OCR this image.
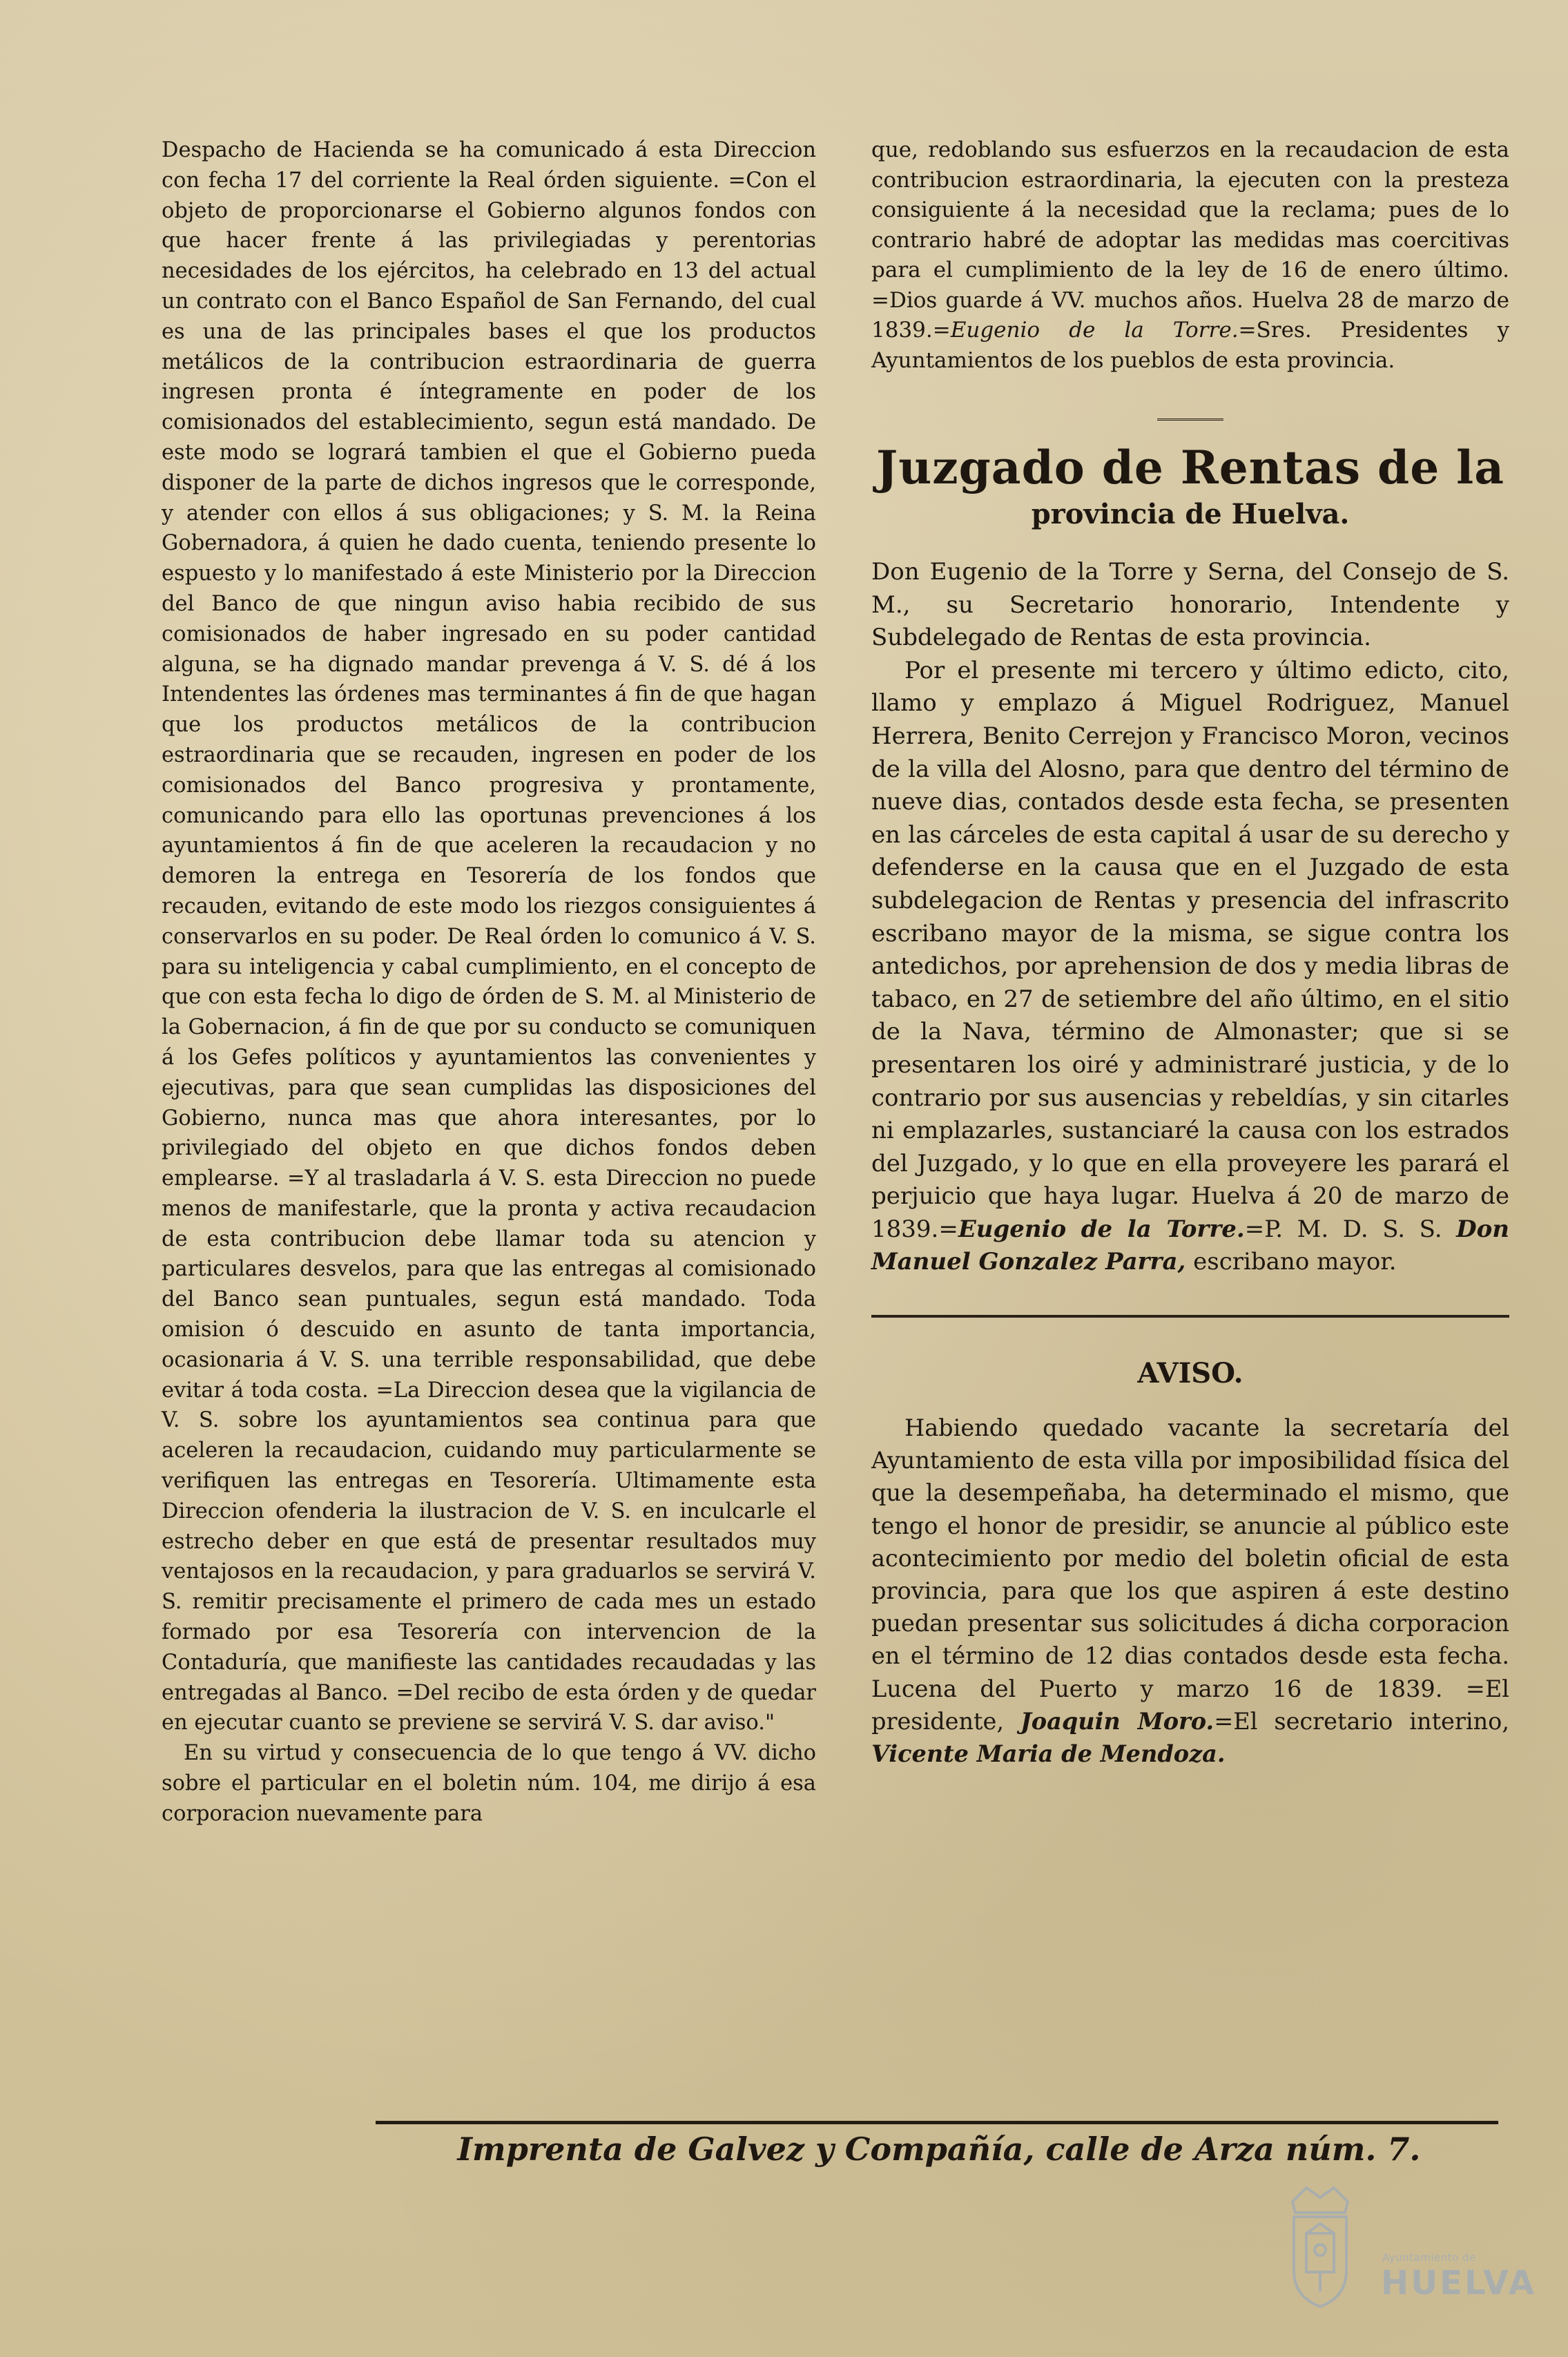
Despacho de Hacienda se ha comunicado á esta Direccion con fecha 17 del corriente la Real órden siguiente. =Con el objeto de proporcionarse el Gobierno algunos fondos con que hacer frente á las privilegiadas y perentorias necesidades de los ejércitos, ha celebrado en 13 del actual un contrato con el Banco Español de San Fernando, del cual es una de las principales bases el que los productos metálicos de la contribucion estraordinaria de guerra ingresen pronta é íntegramente en poder de los comisionados del establecimiento, segun está mandado. De este modo se logrará tambien el que el Gobierno pueda disponer de la parte de dichos ingresos que le corresponde, y atender con ellos á sus obligaciones; y S. M. la Reina Gobernadora, á quien he dado cuenta, teniendo presente lo espuesto y lo manifestado á este Ministerio por la Direccion del Banco de que ningun aviso habia recibido de sus comisionados de haber ingresado en su poder cantidad alguna, se ha dignado mandar prevenga á V. S. dé á los Intendentes las órdenes mas terminantes á fin de que hagan que los productos metálicos de la contribucion estraordinaria que se recauden, ingresen en poder de los comisionados del Banco progresiva y prontamente, comunicando para ello las oportunas prevenciones á los ayuntamientos á fin de que aceleren la recaudacion y no demoren la entrega en Tesorería de los fondos que recauden, evitando de este modo los riezgos consiguientes á conservarlos en su poder. De Real órden lo comunico á V. S. para su inteligencia y cabal cumplimiento, en el concepto de que con esta fecha lo digo de órden de S. M. al Ministerio de la Gobernacion, á fin de que por su conducto se comuniquen á los Gefes políticos y ayuntamientos las convenientes y ejecutivas, para que sean cumplidas las disposiciones del Gobierno, nunca mas que ahora interesantes, por lo privilegiado del objeto en que dichos fondos deben emplearse. =Y al trasladarla á V. S. esta Direccion no puede menos de manifestarle, que la pronta y activa recaudacion de esta contribucion debe llamar toda su atencion y particulares desvelos, para que las entregas al comisionado del Banco sean puntuales, segun está mandado. Toda omision ó descuido en asunto de tanta importancia, ocasionaria á V. S. una terrible responsabilidad, que debe evitar á toda costa. =La Direccion desea que la vigilancia de V. S. sobre los ayuntamientos sea continua para que aceleren la recaudacion, cuidando muy particularmente se verifiquen las entregas en Tesorería. Ultimamente esta Direccion ofenderia la ilustracion de V. S. en inculcarle el estrecho deber en que está de presentar resultados muy ventajosos en la recaudacion, y para graduarlos se servirá V. S. remitir precisamente el primero de cada mes un estado formado por esa Tesorería con intervencion de la Contaduría, que manifieste las cantidades recaudadas y las entregadas al Banco. =Del recibo de esta órden y de quedar en ejecutar cuanto se previene se servirá V. S. dar aviso."

En su virtud y consecuencia de lo que tengo á VV. dicho sobre el particular en el boletin núm. 104, me dirijo á esa corporacion nuevamente para

que, redoblando sus esfuerzos en la recaudacion de esta contribucion estraordinaria, la ejecuten con la presteza consiguiente á la necesidad que la reclama; pues de lo contrario habré de adoptar las medidas mas coercitivas para el cumplimiento de la ley de 16 de enero último. =Dios guarde á VV. muchos años. Huelva 28 de marzo de 1839.=Eugenio de la Torre.=Sres. Presidentes y Ayuntamientos de los pueblos de esta provincia.

Juzgado de Rentas de la
provincia de Huelva.

Don Eugenio de la Torre y Serna, del Consejo de S. M., su Secretario honorario, Intendente y Subdelegado de Rentas de esta provincia.

Por el presente mi tercero y último edicto, cito, llamo y emplazo á Miguel Rodriguez, Manuel Herrera, Benito Cerrejon y Francisco Moron, vecinos de la villa del Alosno, para que dentro del término de nueve dias, contados desde esta fecha, se presenten en las cárceles de esta capital á usar de su derecho y defenderse en la causa que en el Juzgado de esta subdelegacion de Rentas y presencia del infrascrito escribano mayor de la misma, se sigue contra los antedichos, por aprehension de dos y media libras de tabaco, en 27 de setiembre del año último, en el sitio de la Nava, término de Almonaster; que si se presentaren los oiré y administraré justicia, y de lo contrario por sus ausencias y rebeldías, y sin citarles ni emplazarles, sustanciaré la causa con los estrados del Juzgado, y lo que en ella proveyere les parará el perjuicio que haya lugar. Huelva á 20 de marzo de 1839.=Eugenio de la Torre.=P. M. D. S. S. Don Manuel Gonzalez Parra, escribano mayor.

AVISO.

Habiendo quedado vacante la secretaría del Ayuntamiento de esta villa por imposibilidad física del que la desempeñaba, ha determinado el mismo, que tengo el honor de presidir, se anuncie al público este acontecimiento por medio del boletin oficial de esta provincia, para que los que aspiren á este destino puedan presentar sus solicitudes á dicha corporacion en el término de 12 dias contados desde esta fecha. Lucena del Puerto y marzo 16 de 1839. =El presidente, Joaquin Moro.=El secretario interino, Vicente Maria de Mendoza.

Imprenta de Galvez y Compañía, calle de Arza núm. 7.
Ayuntamiento de
HUELVA
